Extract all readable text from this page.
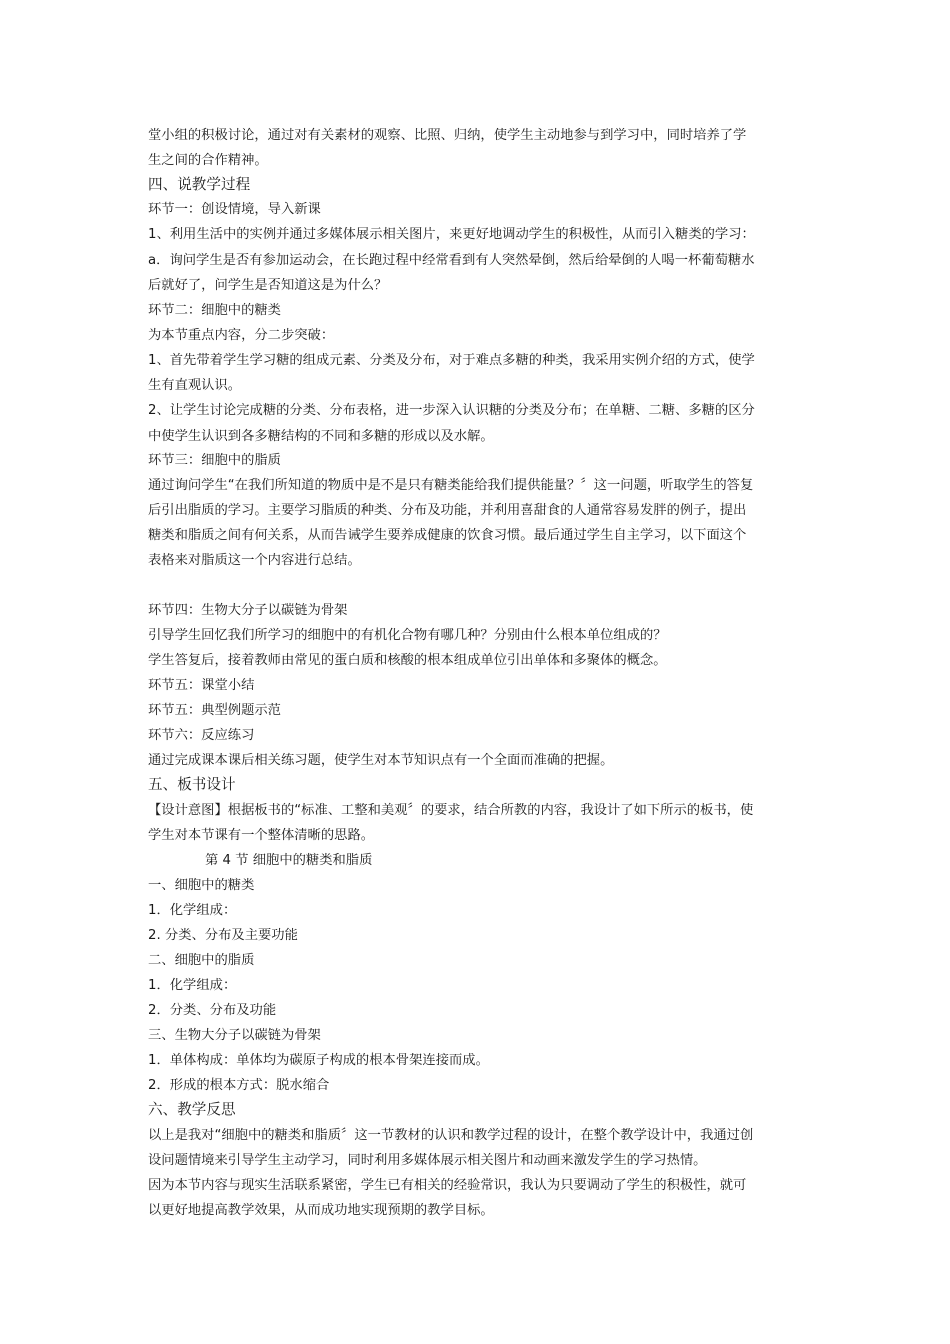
堂小组的积极讨论，通过对有关素材的观察、比照、归纳，使学生主动地参与到学习中，同时培养了学
生之间的合作精神。
四、说教学过程
环节一：创设情境，导入新课
1、利用生活中的实例并通过多媒体展示相关图片，来更好地调动学生的积极性，从而引入糖类的学习：
a．询问学生是否有参加运动会，在长跑过程中经常看到有人突然晕倒，然后给晕倒的人喝一杯葡萄糖水
后就好了，问学生是否知道这是为什么？
环节二：细胞中的糖类
为本节重点内容，分二步突破：
1、首先带着学生学习糖的组成元素、分类及分布，对于难点多糖的种类，我采用实例介绍的方式，使学
生有直观认识。
2、让学生讨论完成糖的分类、分布表格，进一步深入认识糖的分类及分布；在单糖、二糖、多糖的区分
中使学生认识到各多糖结构的不同和多糖的形成以及水解。
环节三：细胞中的脂质
通过询问学生“在我们所知道的物质中是不是只有糖类能给我们提供能量？〞这一问题，听取学生的答复
后引出脂质的学习。主要学习脂质的种类、分布及功能，并利用喜甜食的人通常容易发胖的例子，提出
糖类和脂质之间有何关系，从而告诫学生要养成健康的饮食习惯。最后通过学生自主学习，以下面这个
表格来对脂质这一个内容进行总结。
环节四：生物大分子以碳链为骨架
引导学生回忆我们所学习的细胞中的有机化合物有哪几种？分别由什么根本单位组成的？
学生答复后，接着教师由常见的蛋白质和核酸的根本组成单位引出单体和多聚体的概念。
环节五：课堂小结
环节五：典型例题示范
环节六：反应练习
通过完成课本课后相关练习题，使学生对本节知识点有一个全面而准确的把握。
五、板书设计
【设计意图】根据板书的“标准、工整和美观〞的要求，结合所教的内容，我设计了如下所示的板书，使
学生对本节课有一个整体清晰的思路。
第 4 节 细胞中的糖类和脂质
一、细胞中的糖类
1．化学组成：
2. 分类、分布及主要功能
二、细胞中的脂质
1．化学组成：
2．分类、分布及功能
三、生物大分子以碳链为骨架
1．单体构成：单体均为碳原子构成的根本骨架连接而成。
2．形成的根本方式：脱水缩合
六、教学反思
以上是我对“细胞中的糖类和脂质〞这一节教材的认识和教学过程的设计，在整个教学设计中，我通过创
设问题情境来引导学生主动学习，同时利用多媒体展示相关图片和动画来激发学生的学习热情。
因为本节内容与现实生活联系紧密，学生已有相关的经验常识，我认为只要调动了学生的积极性，就可
以更好地提高教学效果，从而成功地实现预期的教学目标。
